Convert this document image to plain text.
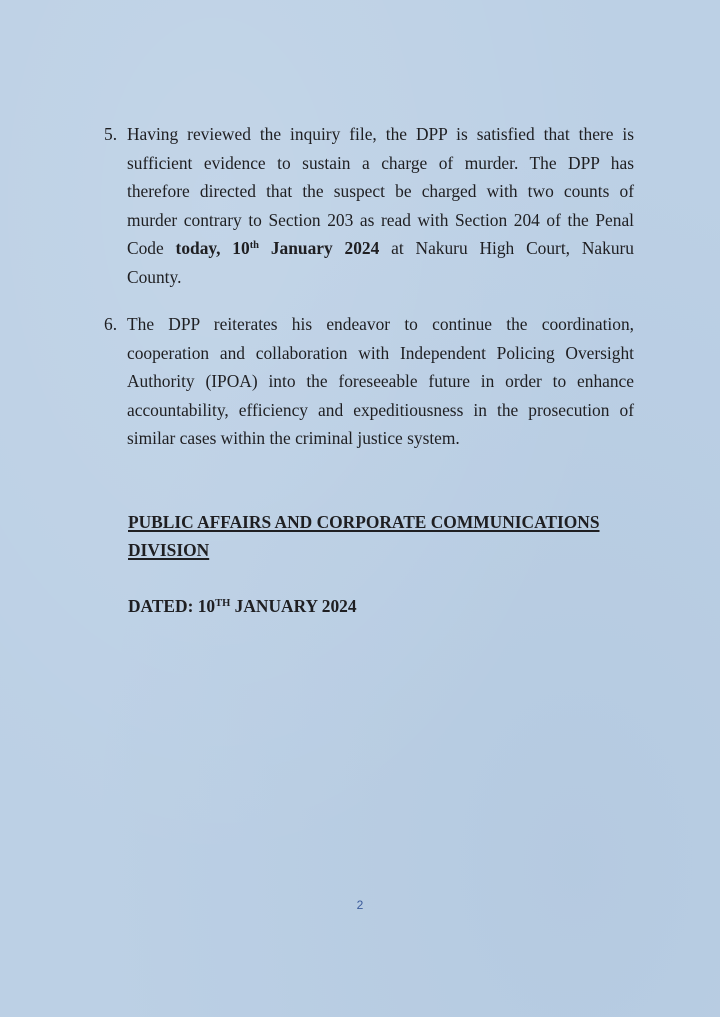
5. Having reviewed the inquiry file, the DPP is satisfied that there is
sufficient evidence to sustain a charge of murder. The DPP has
therefore directed that the suspect be charged with two counts of
murder contrary to Section 203 as read with Section 204 of the Penal
Code today, 10th January 2024 at Nakuru High Court, Nakuru
County.
6. The DPP reiterates his endeavor to continue the coordination,
cooperation and collaboration with Independent Policing Oversight
Authority (IPOA) into the foreseeable future in order to enhance
accountability, efficiency and expeditiousness in the prosecution of
similar cases within the criminal justice system.
PUBLIC AFFAIRS AND CORPORATE COMMUNICATIONS
DIVISION
DATED: 10TH JANUARY 2024
2
